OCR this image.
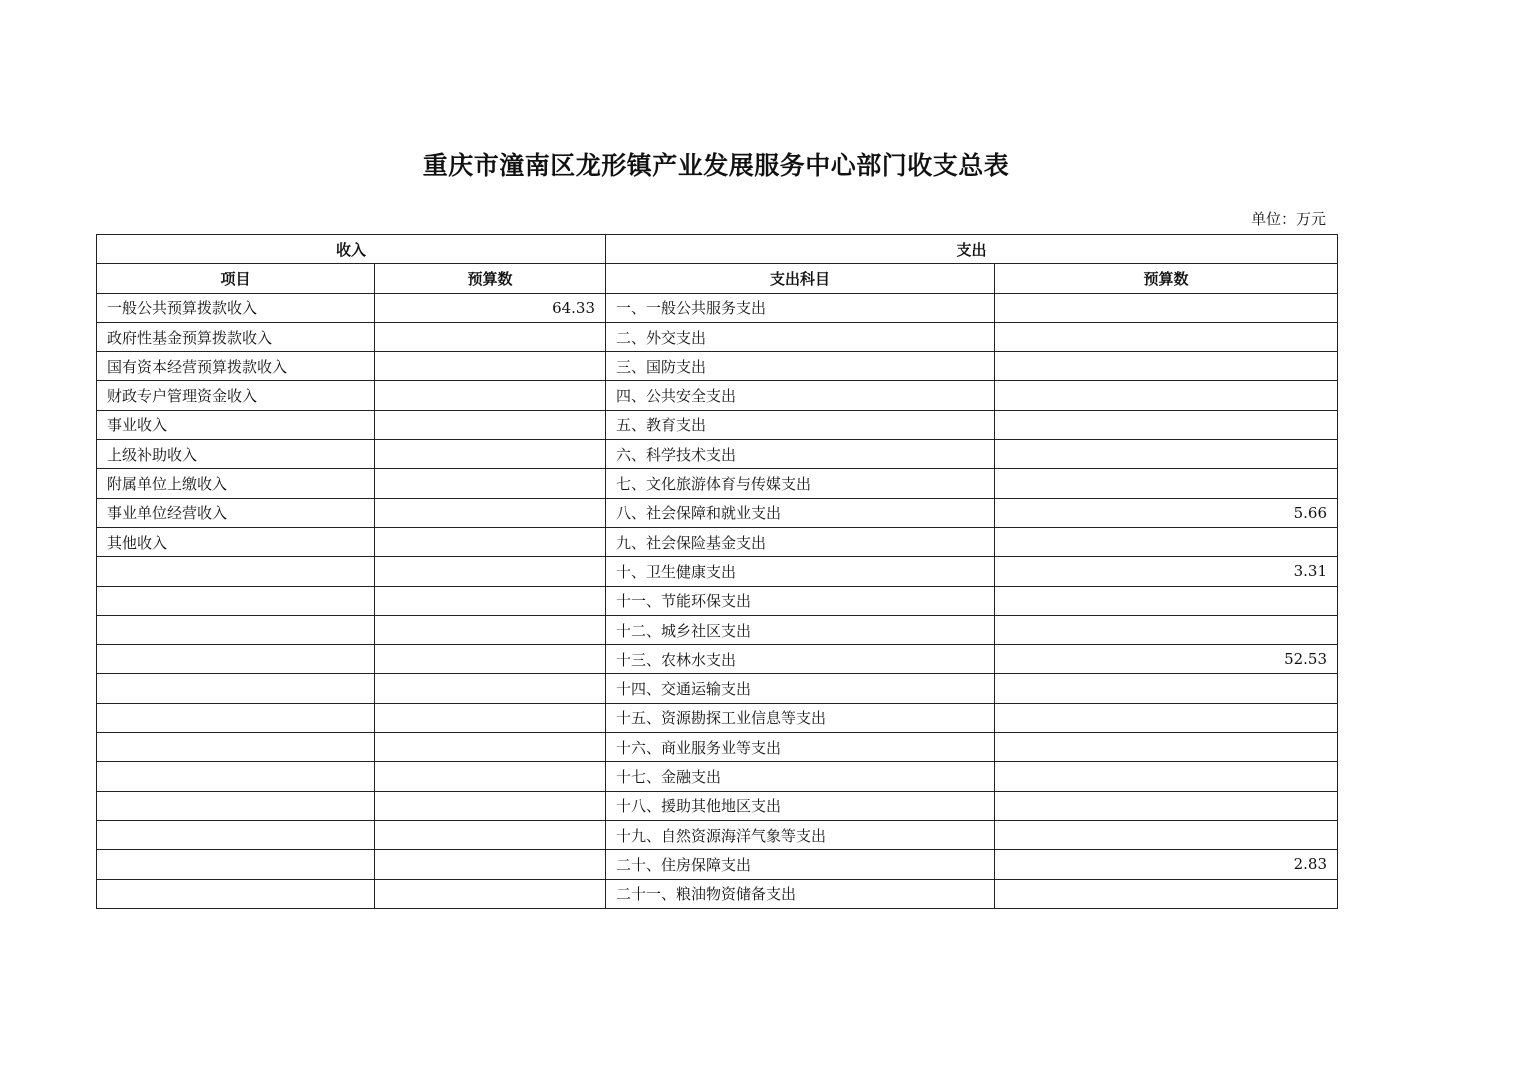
重庆市潼南区龙形镇产业发展服务中心部门收支总表
单位：万元
收入		支出	
项目	预算数	支出科目	预算数
一般公共预算拨款收入	64.33	一、一般公共服务支出	
政府性基金预算拨款收入		二、外交支出	
国有资本经营预算拨款收入		三、国防支出	
财政专户管理资金收入		四、公共安全支出	
事业收入		五、教育支出	
上级补助收入		六、科学技术支出	
附属单位上缴收入		七、文化旅游体育与传媒支出	
事业单位经营收入		八、社会保障和就业支出	5.66
其他收入		九、社会保险基金支出	
		十、卫生健康支出	3.31
		十一、节能环保支出	
		十二、城乡社区支出	
		十三、农林水支出	52.53
		十四、交通运输支出	
		十五、资源勘探工业信息等支出	
		十六、商业服务业等支出	
		十七、金融支出	
		十八、援助其他地区支出	
		十九、自然资源海洋气象等支出	
		二十、住房保障支出	2.83
		二十一、粮油物资储备支出	
